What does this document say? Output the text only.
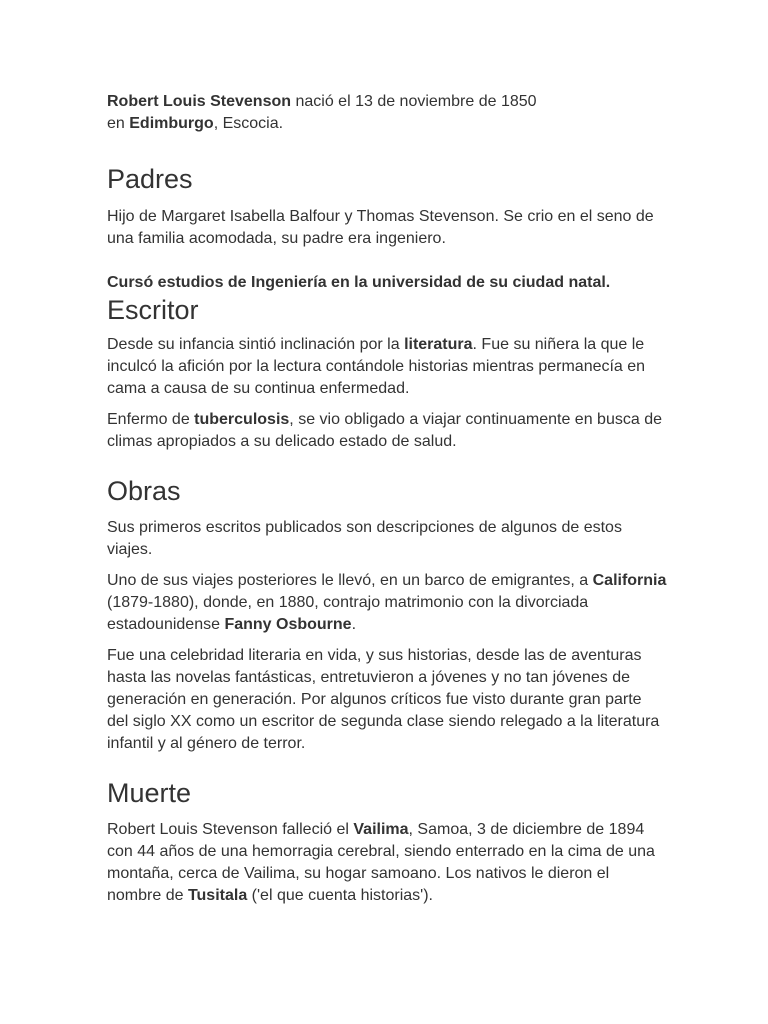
Robert Louis Stevenson nació el 13 de noviembre de 1850
en Edimburgo, Escocia.

Padres

Hijo de Margaret Isabella Balfour y Thomas Stevenson. Se crio en el seno de una familia acomodada, su padre era ingeniero.

Cursó estudios de Ingeniería en la universidad de su ciudad natal.

Escritor

Desde su infancia sintió inclinación por la literatura. Fue su niñera la que le inculcó la afición por la lectura contándole historias mientras permanecía en cama a causa de su continua enfermedad.

Enfermo de tuberculosis, se vio obligado a viajar continuamente en busca de climas apropiados a su delicado estado de salud.

Obras

Sus primeros escritos publicados son descripciones de algunos de estos viajes.

Uno de sus viajes posteriores le llevó, en un barco de emigrantes, a California (1879-1880), donde, en 1880, contrajo matrimonio con la divorciada estadounidense Fanny Osbourne.

Fue una celebridad literaria en vida, y sus historias, desde las de aventuras hasta las novelas fantásticas, entretuvieron a jóvenes y no tan jóvenes de generación en generación. Por algunos críticos fue visto durante gran parte del siglo XX como un escritor de segunda clase siendo relegado a la literatura infantil y al género de terror.

Muerte

Robert Louis Stevenson falleció el Vailima, Samoa, 3 de diciembre de 1894 con 44 años de una hemorragia cerebral, siendo enterrado en la cima de una montaña, cerca de Vailima, su hogar samoano. Los nativos le dieron el nombre de Tusitala ('el que cuenta historias').
